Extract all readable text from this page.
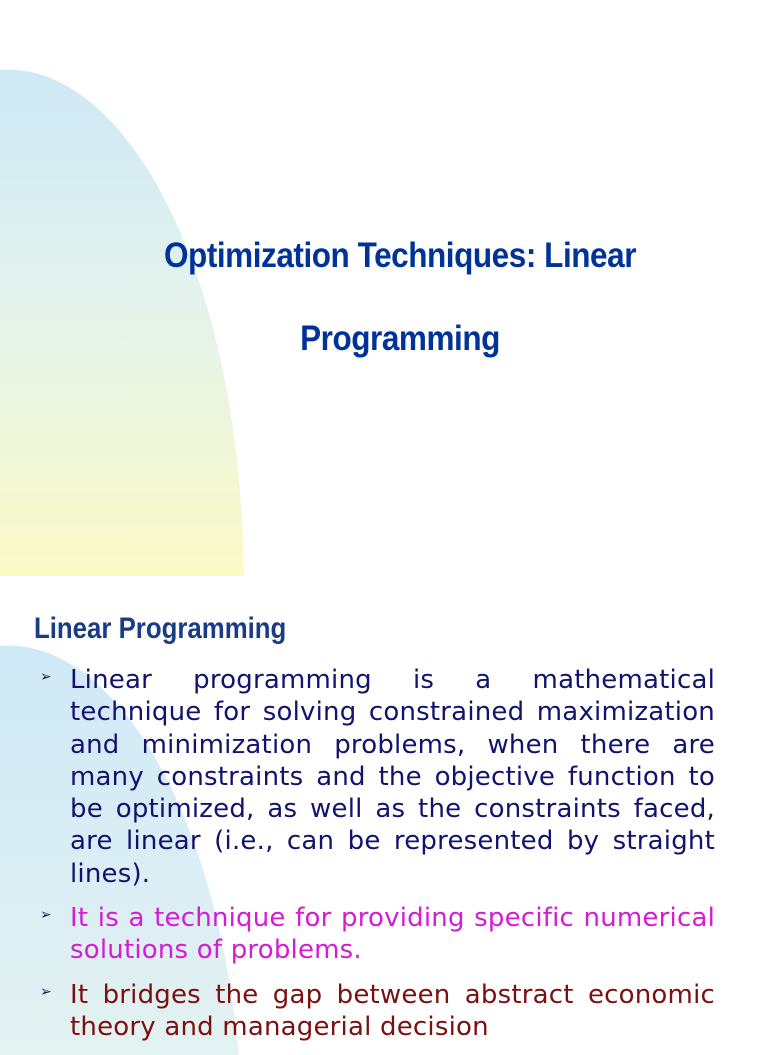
Optimization Techniques: Linear
Programming
Linear Programming
➢ Linear programming is a mathematical technique for solving constrained maximization and minimization problems, when there are many constraints and the objective function to be optimized, as well as the constraints faced, are linear (i.e., can be represented by straight lines).
➢ It is a technique for providing specific numerical solutions of problems.
➢ It bridges the gap between abstract economic theory and managerial decision
